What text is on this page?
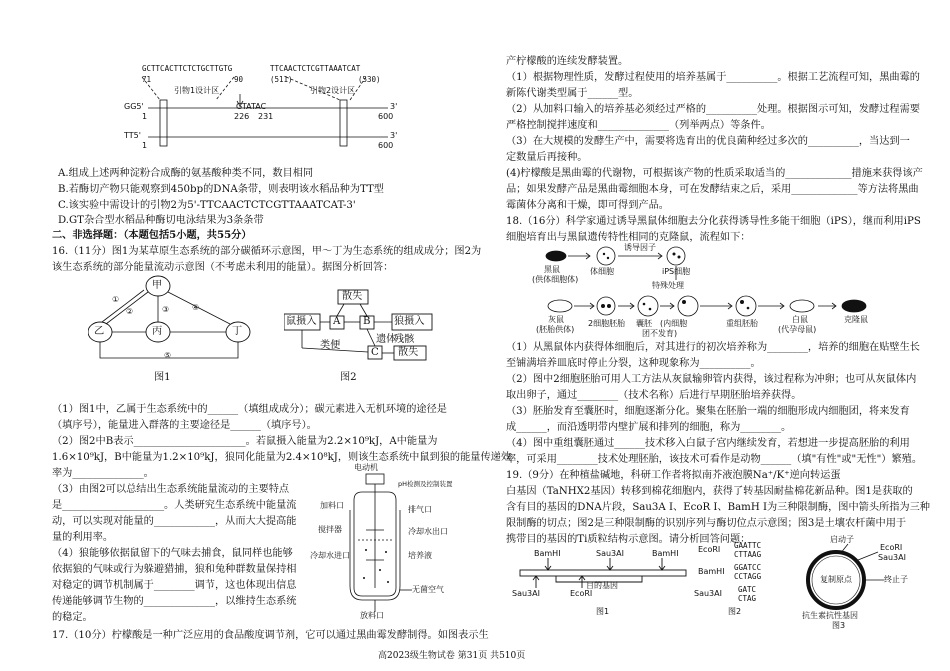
GCTTCACTTCTCTGCTTGTG
71	90
引物1设计区
TTCAACTCTCGTTAAATCAT
(511)	(530)
引物2设计区
GG5'
TT5'
1
1
3'
3'
600
600
GTATAC
226 231
A.组成上述两种淀粉合成酶的氨基酸种类不同，数目相同
B.若酶切产物只能观察到450bp的DNA条带，则表明该水稻品种为TT型
C.该实验中需设计的引物2为5'-TTCAACTCTCGTTAAATCAT-3'
D.GT杂合型水稻品种酶切电泳结果为3条条带
二、非选择题：（本题包括5小题，共55分）
16.（11分）图1为某草原生态系统的部分碳循环示意图，甲～丁为生态系统的组成成分；图2为
该生态系统的部分能量流动示意图（不考虑未利用的能量）。据图分析回答：
甲
乙	丙	丁
①
②	③	④
⑤
图1
散失
鼠摄入 A B 狼摄入
遗体
残骸
类便
C 散失
图2
（1）图1中，乙属于生态系统中的______（填组成成分）；碳元素进入无机环境的途径是
（填序号），能量进入群落的主要途径是______（填序号）。
（2）图2中B表示______________________。若鼠摄入能量为2.2×10⁹kJ，A中能量为
1.6×10⁹kJ，B中能量为1.2×10⁹kJ，狼同化能量为2.4×10⁸kJ，则该生态系统中鼠到狼的能量传递效
率为______________。
（3）由图2可以总结出生态系统能量流动的主要特点
是____________________。人类研究生态系统中能量流
动，可以实现对能量的____________，从而大大提高能
量的利用率。
（4）狼能够依据鼠留下的气味去捕食，鼠同样也能够
依据狼的气味或行为躲避猎捕，狼和兔种群数量保持相
对稳定的调节机制属于________调节，这也体现出信息
传递能够调节生物的______________，以维持生态系统
的稳定。
电动机
pH检测及控制装置
加料口	排气口
搅拌器	冷却水出口
冷却水进口	培养液
放料口
无菌空气
17.（10分）柠檬酸是一种广泛应用的食品酸度调节剂，它可以通过黑曲霉发酵制得。如图表示生
高2023级生物试卷 第31页 共510页
产柠檬酸的连续发酵装置。
（1）根据物理性质，发酵过程使用的培养基属于__________。根据工艺流程可知，黑曲霉的
新陈代谢类型属于______型。
（2）从加料口输入的培养基必须经过严格的__________处理。根据图示可知，发酵过程需要
严格控制搅拌速度和______________（列举两点）等条件。
（3）在大规模的发酵生产中，需要将选育出的优良菌种经过多次的__________，当达到一
定数量后再接种。
(4)柠檬酸是黑曲霉的代谢物，可根据该产物的性质采取适当的_____________措施来获得该产
品；如果发酵产品是黑曲霉细胞本身，可在发酵结束之后，采用_____________等方法将黑曲
霉菌体分离和干燥，即可得到产品。
18.（16分）科学家通过诱导黑鼠体细胞去分化获得诱导性多能干细胞（iPS），继而利用iPS
细胞培育出与黑鼠遗传特性相同的克隆鼠，流程如下：
黑鼠
(供体细胞体)
体细胞
诱导因子
iPS细胞
特殊处理
灰鼠
(胚胎供体)
2细胞胚胎 囊胚 (内细胞
团不发育)
重组胚胎	白鼠
(代孕母鼠)
克隆鼠
（1）从黑鼠体内获得体细胞后，对其进行的初次培养称为________，培养的细胞在贴壁生长
至铺满培养皿底时停止分裂，这种现象称为__________。
（2）图中2细胞胚胎可用人工方法从灰鼠输卵管内获得，该过程称为冲卵；也可从灰鼠体内
取出卵子，通过________（技术名称）后进行早期胚胎培养获得。
（3）胚胎发育至囊胚时，细胞逐渐分化。聚集在胚胎一端的细胞形成内细胞团，将来发育
成______，而沿透明带内壁扩展和排列的细胞，称为________。
（4）图中重组囊胚通过______技术移入白鼠子宫内继续发育，若想进一步提高胚胎的利用
率，可采用________技术处理胚胎，该技术可看作是动物______（填"有性"或"无性"）繁殖。
19.（9分）在种植盐碱地，科研工作者将拟南芥液泡膜Na⁺/K⁺逆向转运蛋
白基因（TaNHX2基因）转移到棉花细胞内，获得了转基因耐盐棉花新品种。图1是获取的
含有目的基因的DNA片段，Sau3A I、EcoR I、BamH I为三种限制酶，图中箭头所指为三种
限制酶的切点；图2是三种限制酶的识别序列与酶切位点示意图；图3是土壤农杆菌中用于
携带目的基因的Ti质粒结构示意图。请分析回答问题：
BamHI	Sau3AI	BamHI
Sau3AI	EcoRI
目的基因
图1
EcoRI GAATTC
CTTAAG
BamHI GGATCC
CCTAGG
Sau3AI GATC
CTAG
图2
启动子
EcoRI
Sau3AI
复制原点	终止子
抗生素抗性基因
图3
